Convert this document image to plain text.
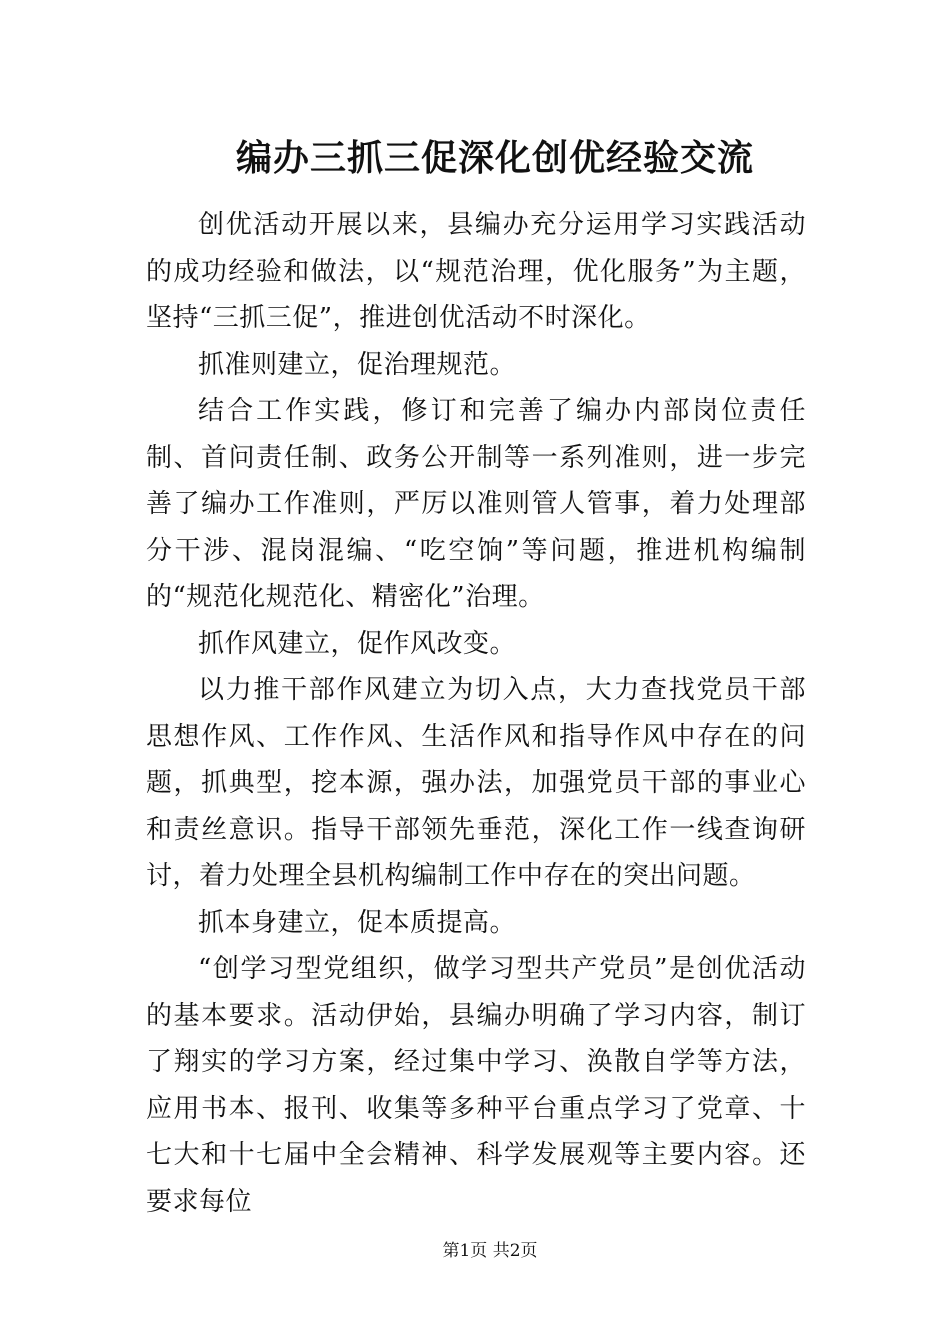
编办三抓三促深化创优经验交流

创优活动开展以来，县编办充分运用学习实践活动的成功经验和做法，以“规范治理，优化服务”为主题，坚持“三抓三促”，推进创优活动不时深化。

抓准则建立，促治理规范。

结合工作实践，修订和完善了编办内部岗位责任制、首问责任制、政务公开制等一系列准则，进一步完善了编办工作准则，严厉以准则管人管事，着力处理部分干涉、混岗混编、“吃空饷”等问题，推进机构编制的“规范化规范化、精密化”治理。

抓作风建立，促作风改变。

以力推干部作风建立为切入点，大力查找党员干部思想作风、工作作风、生活作风和指导作风中存在的问题，抓典型，挖本源，强办法，加强党员干部的事业心和责丝意识。指导干部领先垂范，深化工作一线查询研讨，着力处理全县机构编制工作中存在的突出问题。

抓本身建立，促本质提高。

“创学习型党组织，做学习型共产党员”是创优活动的基本要求。活动伊始，县编办明确了学习内容，制订了翔实的学习方案，经过集中学习、涣散自学等方法，应用书本、报刊、收集等多种平台重点学习了党章、十七大和十七届中全会精神、科学发展观等主要内容。还要求每位

第1页 共2页
